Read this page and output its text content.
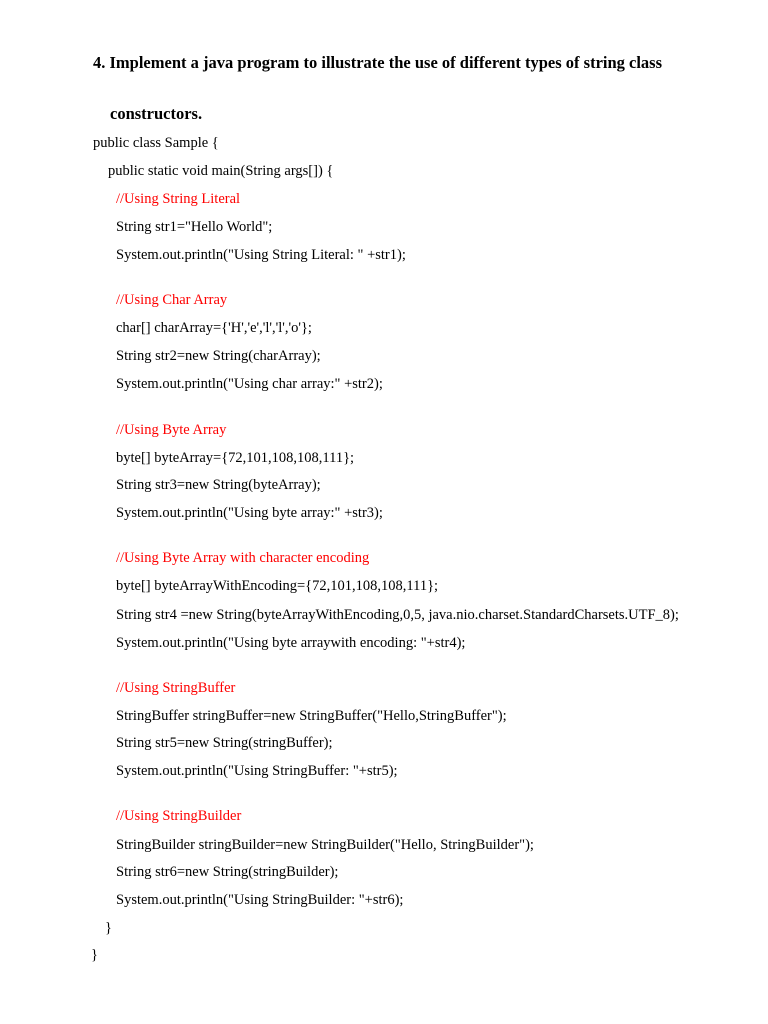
4. Implement a java program to illustrate the use of different types of string class
constructors.
public class Sample {
public static void main(String args[]) {
//Using String Literal
String str1="Hello World";
System.out.println("Using String Literal: " +str1);
//Using Char Array
char[] charArray={'H','e','l','l','o'};
String str2=new String(charArray);
System.out.println("Using char array:" +str2);
//Using Byte Array
byte[] byteArray={72,101,108,108,111};
String str3=new String(byteArray);
System.out.println("Using byte array:" +str3);
//Using Byte Array with character encoding
byte[] byteArrayWithEncoding={72,101,108,108,111};
String str4 =new String(byteArrayWithEncoding,0,5, java.nio.charset.StandardCharsets.UTF_8);
System.out.println("Using byte arraywith encoding: "+str4);
//Using StringBuffer
StringBuffer stringBuffer=new StringBuffer("Hello,StringBuffer");
String str5=new String(stringBuffer);
System.out.println("Using StringBuffer: "+str5);
//Using StringBuilder
StringBuilder stringBuilder=new StringBuilder("Hello, StringBuilder");
String str6=new String(stringBuilder);
System.out.println("Using StringBuilder: "+str6);
}
}
